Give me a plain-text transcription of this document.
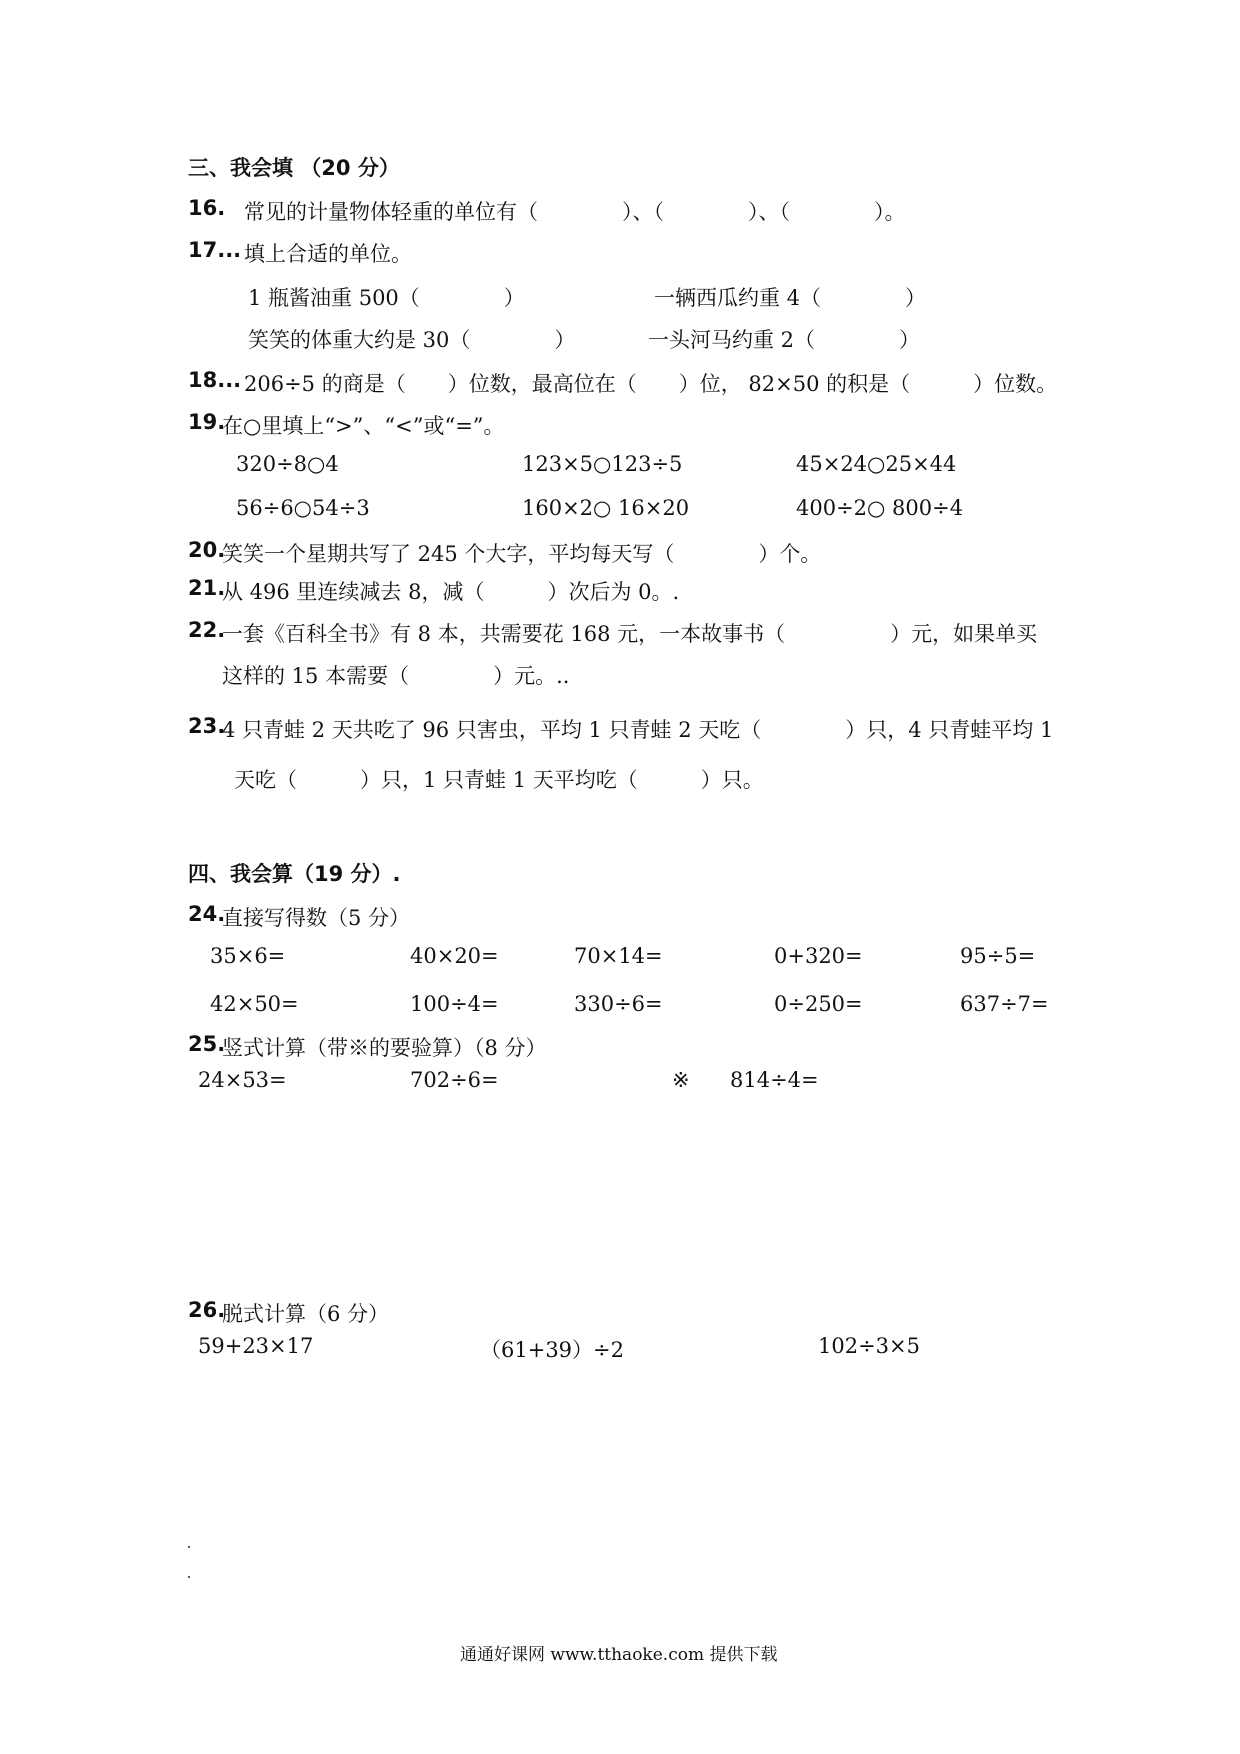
三、我会填 （20 分）
16. 常见的计量物体轻重的单位有（　　　　）、（　　　　）、（　　　　）。
17... 填上合适的单位。
1 瓶酱油重 500（　　　　）	一辆西瓜约重 4（　　　　）
笑笑的体重大约是 30（　　　　）	一头河马约重 2（　　　　）
18... 206÷5 的商是（　　）位数，最高位在（　　）位， 82×50 的积是（　　　）位数。
19.
在○里填上“>”、“<”或“=”。
320÷8○4	123×5○123÷5	45×24○25×44
56÷6○54÷3	160×2○ 16×20	400÷2○ 800÷4
20.
笑笑一个星期共写了 245 个大字，平均每天写（　　　　）个。
21.
从 496 里连续减去 8，减（　　　）次后为 0。.
22.
一套《百科全书》有 8 本，共需要花 168 元，一本故事书（　　　　　）元，如果单买
这样的 15 本需要（　　　　）元。..
23.
4 只青蛙 2 天共吃了 96 只害虫，平均 1 只青蛙 2 天吃（　　　　）只，4 只青蛙平均 1
天吃（　　　）只，1 只青蛙 1 天平均吃（　　　）只。
四、我会算（19 分）.
24.
直接写得数（5 分）
35×6=	40×20=	70×14=	0+320=	95÷5=
42×50=	100÷4=	330÷6=	0÷250=	637÷7=
25.
竖式计算（带※的要验算）（8 分）
24×53=	702÷6=	※ 814÷4=
26.
脱式计算（6 分）
59+23×17	（61+39）÷2	102÷3×5
通通好课网 www.tthaoke.com 提供下载
